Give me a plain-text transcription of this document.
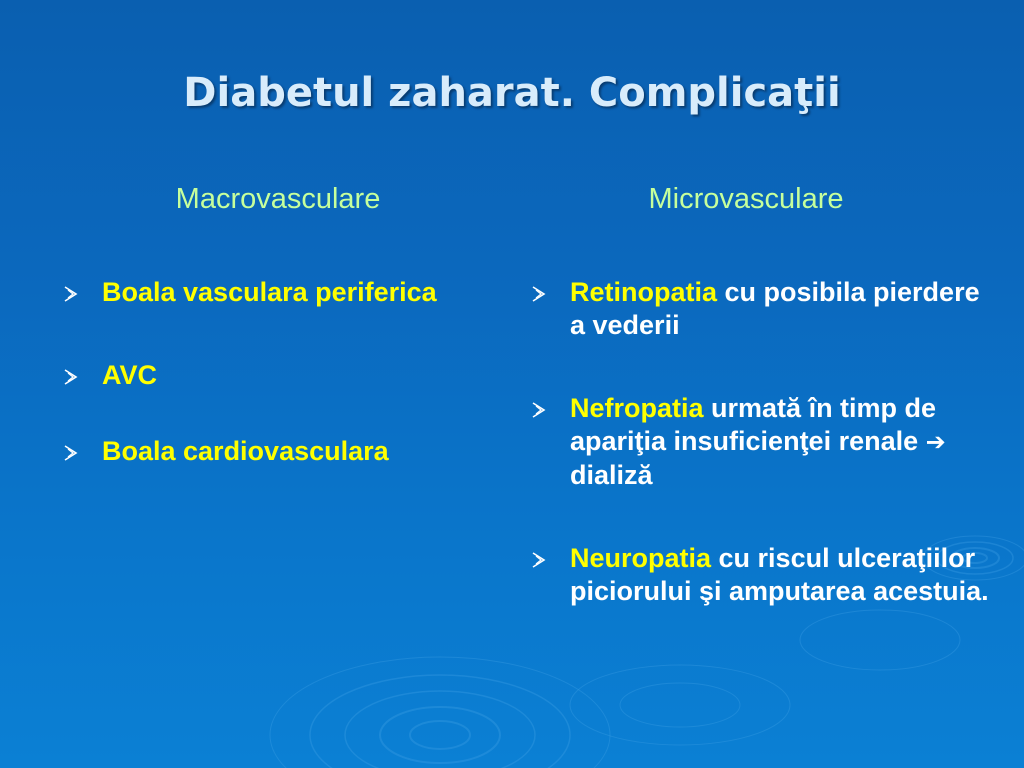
Diabetul zaharat. Complicaţii
Macrovasculare	Microvasculare
Boala vasculara periferica
AVC
Boala cardiovasculara
Retinopatia cu posibila pierdere a vederii
Nefropatia urmată în timp de apariţia insuficienţei renale ➔ dializă
Neuropatia cu riscul ulceraţiilor piciorului şi amputarea acestuia.
